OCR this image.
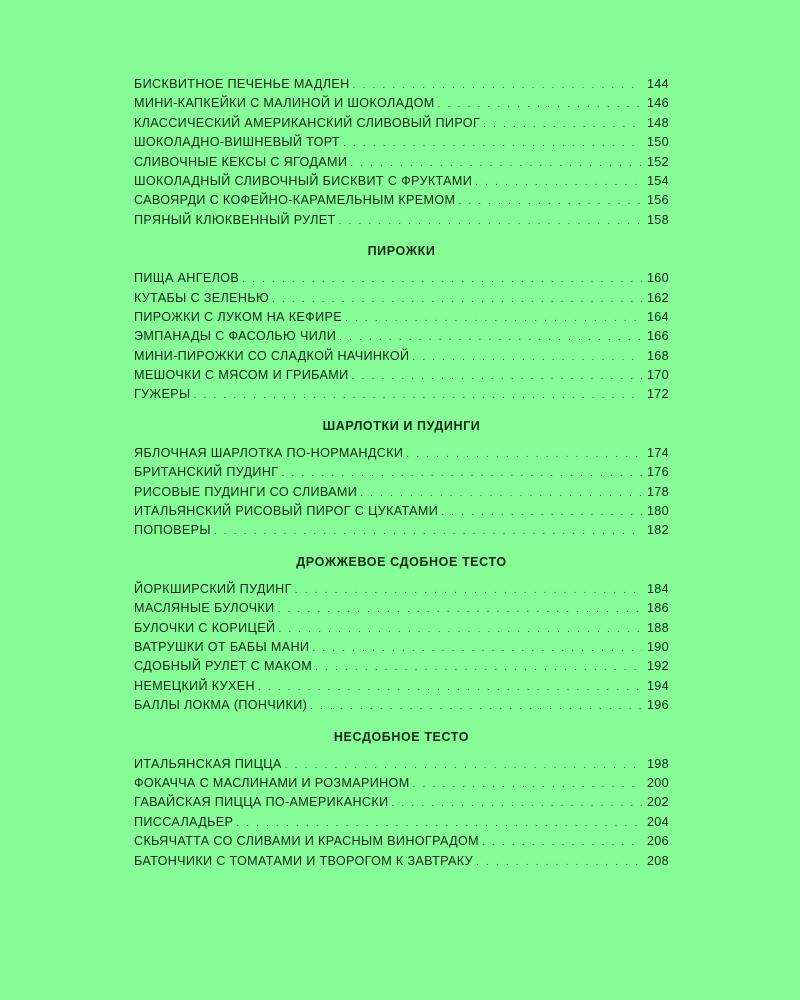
БИСКВИТНОЕ ПЕЧЕНЬЕ МАДЛЕН . . .	144
МИНИ-КАПКЕЙКИ С МАЛИНОЙ И ШОКОЛАДОМ . . .	146
КЛАССИЧЕСКИЙ АМЕРИКАНСКИЙ СЛИВОВЫЙ ПИРОГ . . .	148
ШОКОЛАДНО-ВИШНЕВЫЙ ТОРТ . . .	150
СЛИВОЧНЫЕ КЕКСЫ С ЯГОДАМИ . . .	152
ШОКОЛАДНЫЙ СЛИВОЧНЫЙ БИСКВИТ С ФРУКТАМИ . . .	154
САВОЯРДИ С КОФЕЙНО-КАРАМЕЛЬНЫМ КРЕМОМ . . .	156
ПРЯНЫЙ КЛЮКВЕННЫЙ РУЛЕТ . . .	158
ПИРОЖКИ
ПИЩА АНГЕЛОВ . . .	160
КУТАБЫ С ЗЕЛЕНЬЮ . . .	162
ПИРОЖКИ С ЛУКОМ НА КЕФИРЕ . . .	164
ЭМПАНАДЫ С ФАСОЛЬЮ ЧИЛИ . . .	166
МИНИ-ПИРОЖКИ СО СЛАДКОЙ НАЧИНКОЙ . . .	168
МЕШОЧКИ С МЯСОМ И ГРИБАМИ . . .	170
ГУЖЕРЫ . . .	172
ШАРЛОТКИ И ПУДИНГИ
ЯБЛОЧНАЯ ШАРЛОТКА ПО-НОРМАНДСКИ . . .	174
БРИТАНСКИЙ ПУДИНГ . . .	176
РИСОВЫЕ ПУДИНГИ СО СЛИВАМИ . . .	178
ИТАЛЬЯНСКИЙ РИСОВЫЙ ПИРОГ С ЦУКАТАМИ . . .	180
ПОПОВЕРЫ . . .	182
ДРОЖЖЕВОЕ СДОБНОЕ ТЕСТО
ЙОРКШИРСКИЙ ПУДИНГ . . .	184
МАСЛЯНЫЕ БУЛОЧКИ . . .	186
БУЛОЧКИ С КОРИЦЕЙ . . .	188
ВАТРУШКИ ОТ БАБЫ МАНИ . . .	190
СДОБНЫЙ РУЛЕТ С МАКОМ . . .	192
НЕМЕЦКИЙ КУХЕН . . .	194
БАЛЛЫ ЛОКМА (ПОНЧИКИ) . . .	196
НЕСДОБНОЕ ТЕСТО
ИТАЛЬЯНСКАЯ ПИЦЦА . . .	198
ФОКАЧЧА С МАСЛИНАМИ И РОЗМАРИНОМ . . .	200
ГАВАЙСКАЯ ПИЦЦА ПО-АМЕРИКАНСКИ . . .	202
ПИССАЛАДЬЕР . . .	204
СКЬЯЧАТТА СО СЛИВАМИ И КРАСНЫМ ВИНОГРАДОМ . . .	206
БАТОНЧИКИ С ТОМАТАМИ И ТВОРОГОМ К ЗАВТРАКУ . . .	208
